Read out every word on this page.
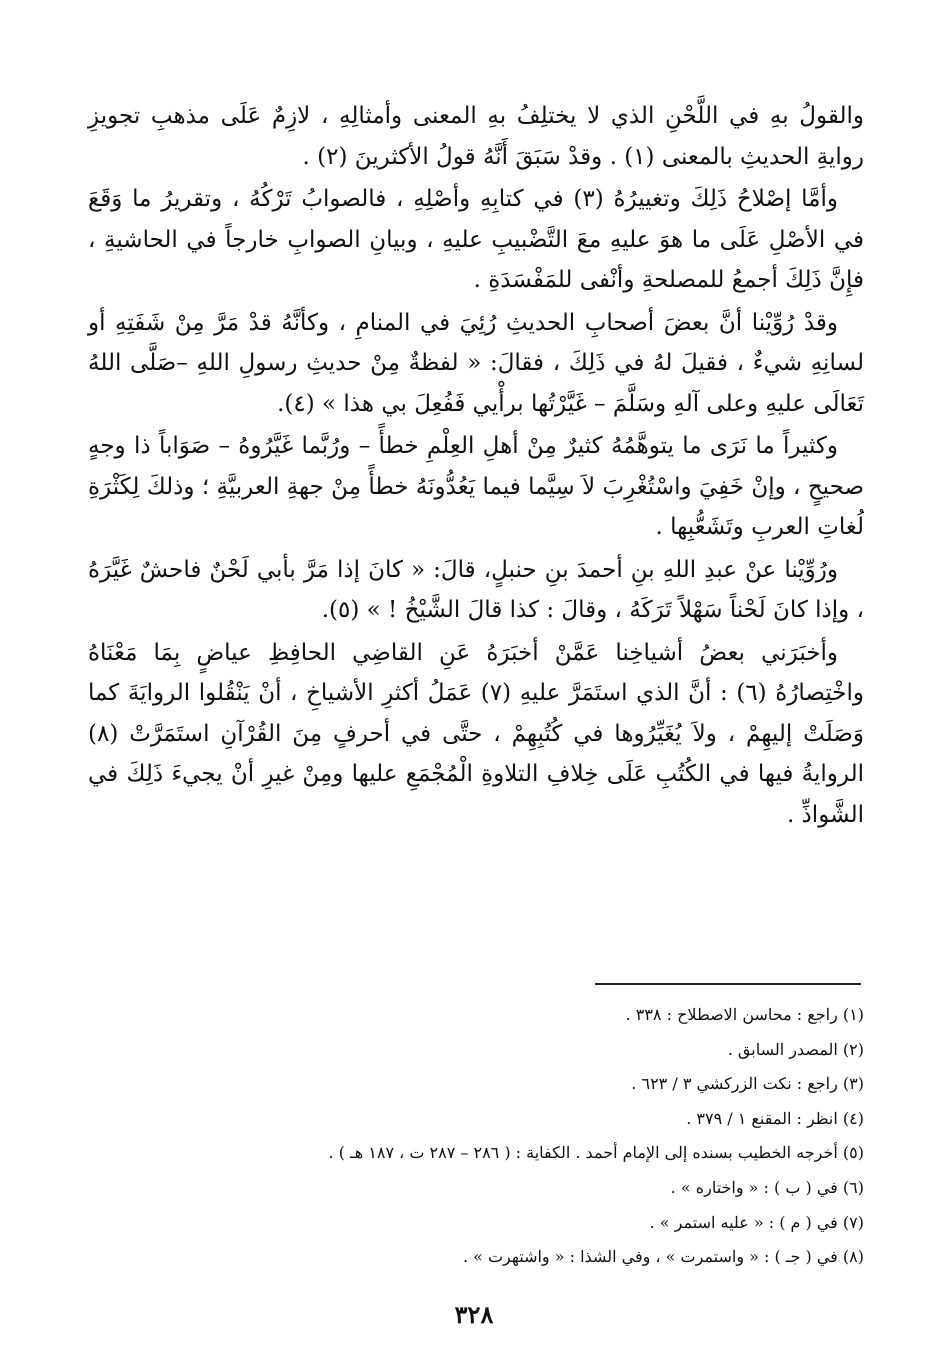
والقولُ بهِ في اللَّحْنِ الذي لا يختلِفُ بهِ المعنى وأمثالِهِ ، لازِمٌ عَلَى مذهبِ تجويزِ روايةِ الحديثِ بالمعنى (١) . وقدْ سَبَقَ أَنَّهُ قولُ الأكثرينَ (٢) .

وأمَّا إصْلاحُ ذَلِكَ وتغييرُهُ (٣) في كتابِهِ وأصْلِهِ ، فالصوابُ تَرْكُهُ ، وتقريرُ ما وَقَعَ في الأصْلِ عَلَى ما هوَ عليهِ معَ التَّضْبيبِ عليهِ ، وبيانِ الصوابِ خارجاً في الحاشيةِ ، فإِنَّ ذَلِكَ أجمعُ للمصلحةِ وأنْفى للمَفْسَدَةِ .

وقدْ رُوِّيْنا أنَّ بعضَ أصحابِ الحديثِ رُئِيَ في المنامِ ، وكأنَّهُ قدْ مَرَّ مِنْ شَفَتِهِ أو لسانِهِ شيءٌ ، فقيلَ لهُ في ذَلِكَ ، فقالَ: « لفظةٌ مِنْ حديثِ رسولِ اللهِ –صَلَّى اللهُ تَعَالَى عليهِ وعلى آلهِ وسَلَّمَ – غَيَّرْتُها برأْيي فَفُعِلَ بي هذا » (٤).

وكثيراً ما نَرَى ما يتوهَّمُهُ كثيرٌ مِنْ أهلِ العِلْمِ خطأً – ورُبَّما غَيَّرُوهُ – صَوَاباً ذا وجهٍ صحيحٍ ، وإنْ خَفِيَ واسْتُغْرِبَ لاَ سِيَّما فيما يَعُدُّونَهُ خطأً مِنْ جهةِ العربيَّةِ ؛ وذلكَ لِكَثْرَةِ لُغاتِ العربِ وتَشَعُّبِها .

ورُوِّيْنا عنْ عبدِ اللهِ بنِ أحمدَ بنِ حنبلٍ، قالَ: « كانَ إذا مَرَّ بأبي لَحْنٌ فاحشٌ غَيَّرَهُ ، وإذا كانَ لَحْناً سَهْلاً تَرَكَهُ ، وقالَ : كذا قالَ الشَّيْخُ ! » (٥).

وأخبَرَني بعضُ أشياخِنا عَمَّنْ أخبَرَهُ عَنِ القاضِي الحافِظِ عياضٍ بِمَا مَعْنَاهُ واخْتِصارُهُ (٦) : أنَّ الذي استَمَرَّ عليهِ (٧) عَمَلُ أكثرِ الأشياخِ ، أنْ يَنْقُلوا الروايَةَ كما وَصَلَتْ إليهِمْ ، ولاَ يُغَيِّرُوها في كُتُبِهِمْ ، حتَّى في أحرفٍ مِنَ القُرْآنِ استَمَرَّتْ (٨) الروايةُ فيها في الكُتُبِ عَلَى خِلافِ التلاوةِ الْمُجْمَعِ عليها ومِنْ غيرِ أنْ يجيءَ ذَلِكَ في الشَّواذِّ .

(١) راجع : محاسن الاصطلاح : ٣٣٨ .
(٢) المصدر السابق .
(٣) راجع : نكت الزركشي ٣ / ٦٢٣ .
(٤) انظر : المقنع ١ / ٣٧٩ .
(٥) أخرجه الخطيب بسنده إلى الإمام أحمد . الكفاية : ( ٢٨٦ – ٢٨٧ ت ، ١٨٧ هـ ) .
(٦) في ( ب ) : « واختاره » .
(٧) في ( م ) : « عليه استمر » .
(٨) في ( جـ ) : « واستمرت » ، وفي الشذا : « واشتهرت » .
٣٢٨
